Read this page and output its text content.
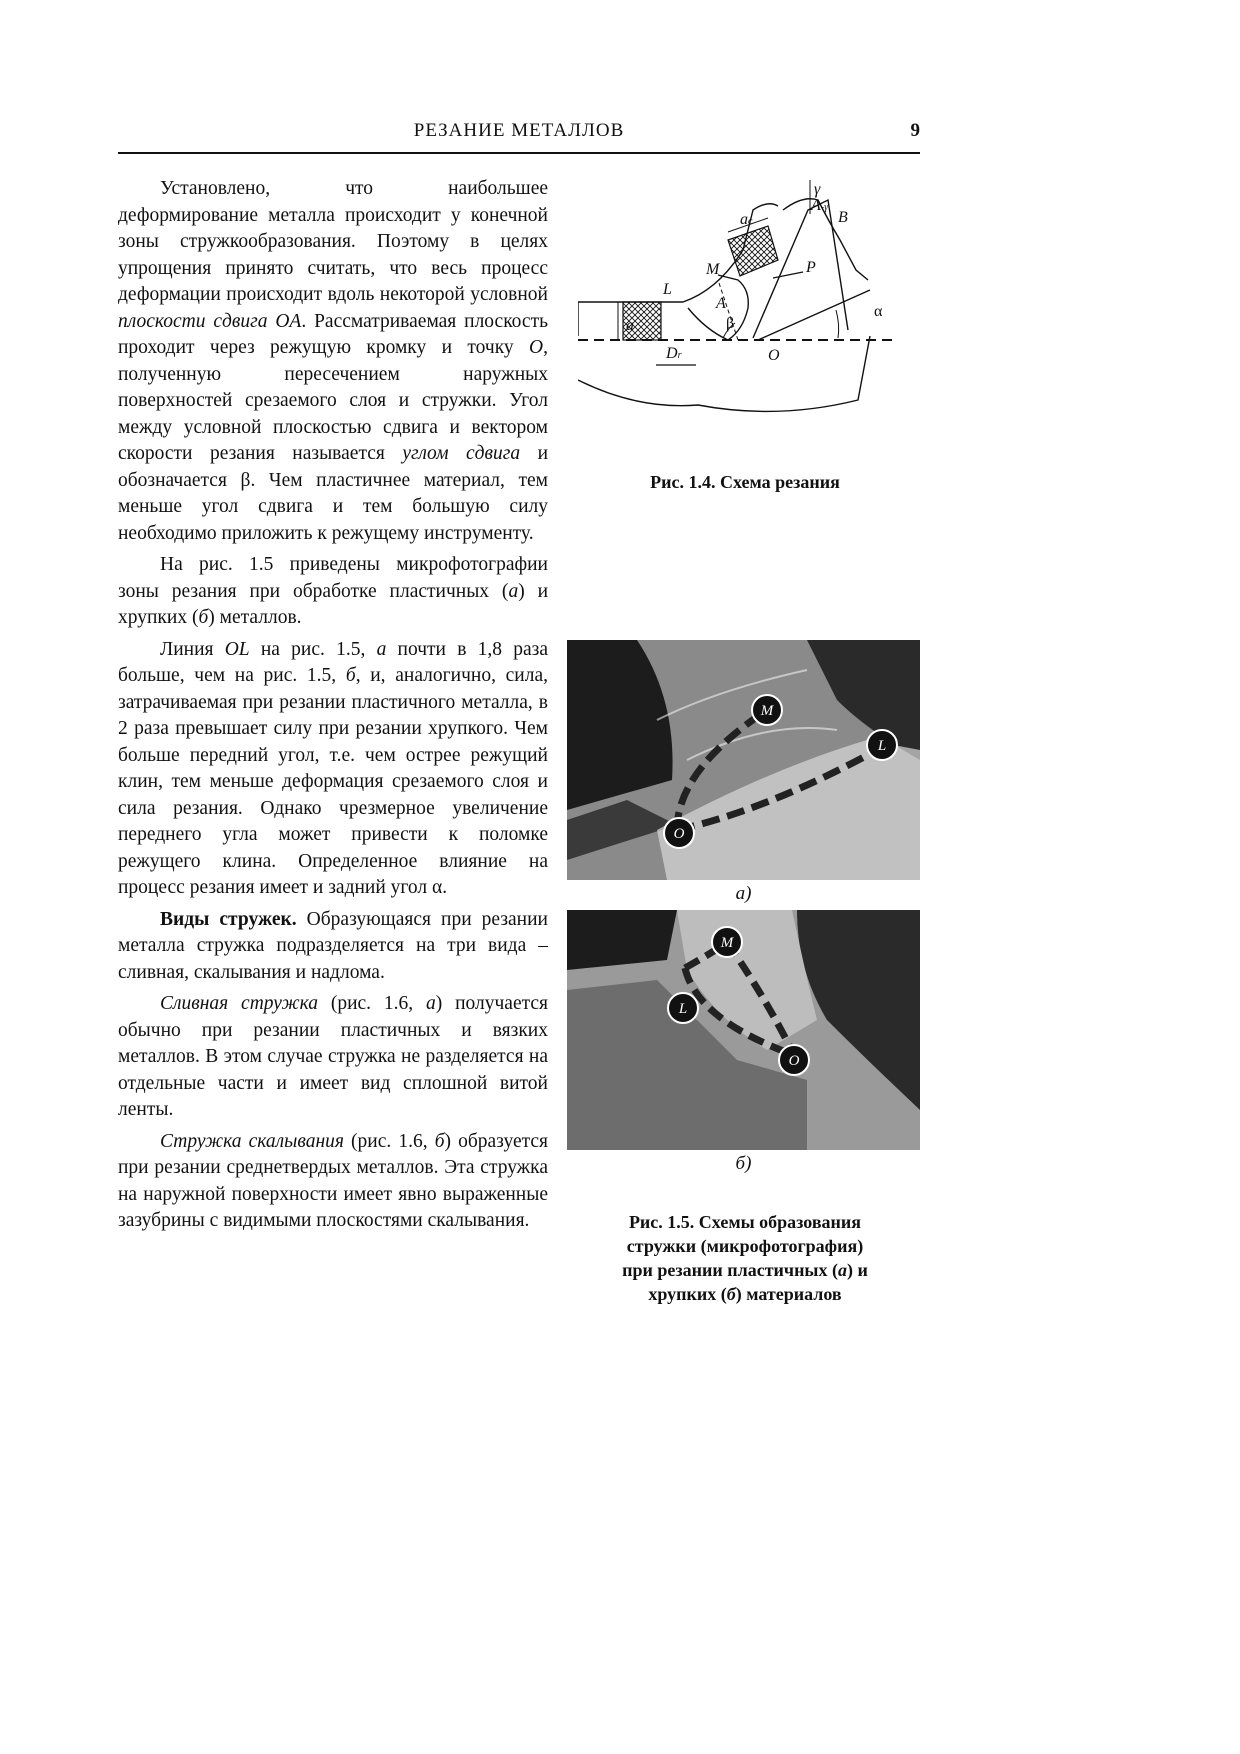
РЕЗАНИЕ МЕТАЛЛОВ	9

Установлено, что наибольшее деформирование металла происходит у конечной зоны стружкообразования. Поэтому в целях упрощения принято считать, что весь процесс деформации происходит вдоль некоторой условной плоскости сдвига OA. Рассматриваемая плоскость проходит через режущую кромку и точку O, полученную пересечением наружных поверхностей срезаемого слоя и стружки. Угол между условной плоскостью сдвига и вектором скорости резания называется углом сдвига и обозначается β. Чем пластичнее материал, тем меньше угол сдвига и тем большую силу необходимо приложить к режущему инструменту.

На рис. 1.5 приведены микрофотографии зоны резания при обработке пластичных (а) и хрупких (б) металлов.

Линия OL на рис. 1.5, а почти в 1,8 раза больше, чем на рис. 1.5, б, и, аналогично, сила, затрачиваемая при резании пластичного металла, в 2 раза превышает силу при резании хрупкого. Чем больше передний угол, т.е. чем острее режущий клин, тем меньше деформация срезаемого слоя и сила резания. Однако чрезмерное увеличение переднего угла может привести к поломке режущего клина. Определенное влияние на процесс резания имеет и задний угол α.

Виды стружек. Образующаяся при резании металла стружка подразделяется на три вида – сливная, скалывания и надлома.

Сливная стружка (рис. 1.6, а) получается обычно при резании пластичных и вязких металлов. В этом случае стружка не разделяется на отдельные части и имеет вид сплошной витой ленты.

Стружка скалывания (рис. 1.6, б) образуется при резании среднетвердых металлов. Эта стружка на наружной поверхности имеет явно выраженные зазубрины с видимыми плоскостями скалывания.

γ
A-γ
B
ac
M	P
L
α
a
A
β
O
Dr
Рис. 1.4. Схема резания
M
L
O
а)
M
L
O
б)
Рис. 1.5. Схемы образования
стружки (микрофотография)
при резании пластичных (а) и
хрупких (б) материалов
